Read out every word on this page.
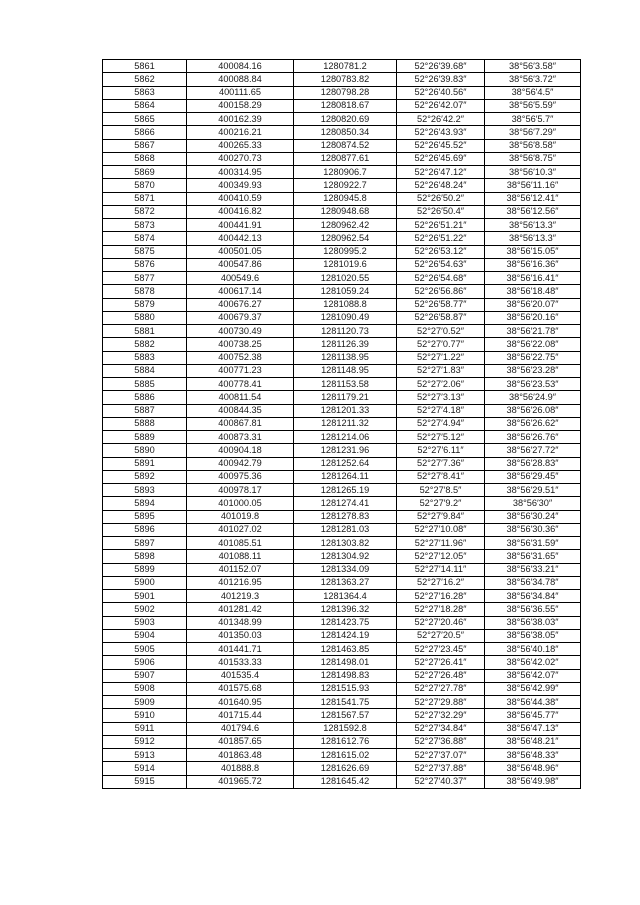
5861	400084.16	1280781.2	52°26′39.68″	38°56′3.58″
5862	400088.84	1280783.82	52°26′39.83″	38°56′3.72″
5863	400111.65	1280798.28	52°26′40.56″	38°56′4.5″
5864	400158.29	1280818.67	52°26′42.07″	38°56′5.59″
5865	400162.39	1280820.69	52°26′42.2″	38°56′5.7″
5866	400216.21	1280850.34	52°26′43.93″	38°56′7.29″
5867	400265.33	1280874.52	52°26′45.52″	38°56′8.58″
5868	400270.73	1280877.61	52°26′45.69″	38°56′8.75″
5869	400314.95	1280906.7	52°26′47.12″	38°56′10.3″
5870	400349.93	1280922.7	52°26′48.24″	38°56′11.16″
5871	400410.59	1280945.8	52°26′50.2″	38°56′12.41″
5872	400416.82	1280948.68	52°26′50.4″	38°56′12.56″
5873	400441.91	1280962.42	52°26′51.21″	38°56′13.3″
5874	400442.13	1280962.54	52°26′51.22″	38°56′13.3″
5875	400501.05	1280995.2	52°26′53.12″	38°56′15.05″
5876	400547.86	1281019.6	52°26′54.63″	38°56′16.36″
5877	400549.6	1281020.55	52°26′54.68″	38°56′16.41″
5878	400617.14	1281059.24	52°26′56.86″	38°56′18.48″
5879	400676.27	1281088.8	52°26′58.77″	38°56′20.07″
5880	400679.37	1281090.49	52°26′58.87″	38°56′20.16″
5881	400730.49	1281120.73	52°27′0.52″	38°56′21.78″
5882	400738.25	1281126.39	52°27′0.77″	38°56′22.08″
5883	400752.38	1281138.95	52°27′1.22″	38°56′22.75″
5884	400771.23	1281148.95	52°27′1.83″	38°56′23.28″
5885	400778.41	1281153.58	52°27′2.06″	38°56′23.53″
5886	400811.54	1281179.21	52°27′3.13″	38°56′24.9″
5887	400844.35	1281201.33	52°27′4.18″	38°56′26.08″
5888	400867.81	1281211.32	52°27′4.94″	38°56′26.62″
5889	400873.31	1281214.06	52°27′5.12″	38°56′26.76″
5890	400904.18	1281231.96	52°27′6.11″	38°56′27.72″
5891	400942.79	1281252.64	52°27′7.36″	38°56′28.83″
5892	400975.36	1281264.11	52°27′8.41″	38°56′29.45″
5893	400978.17	1281265.19	52°27′8.5″	38°56′29.51″
5894	401000.05	1281274.41	52°27′9.2″	38°56′30″
5895	401019.8	1281278.83	52°27′9.84″	38°56′30.24″
5896	401027.02	1281281.03	52°27′10.08″	38°56′30.36″
5897	401085.51	1281303.82	52°27′11.96″	38°56′31.59″
5898	401088.11	1281304.92	52°27′12.05″	38°56′31.65″
5899	401152.07	1281334.09	52°27′14.11″	38°56′33.21″
5900	401216.95	1281363.27	52°27′16.2″	38°56′34.78″
5901	401219.3	1281364.4	52°27′16.28″	38°56′34.84″
5902	401281.42	1281396.32	52°27′18.28″	38°56′36.55″
5903	401348.99	1281423.75	52°27′20.46″	38°56′38.03″
5904	401350.03	1281424.19	52°27′20.5″	38°56′38.05″
5905	401441.71	1281463.85	52°27′23.45″	38°56′40.18″
5906	401533.33	1281498.01	52°27′26.41″	38°56′42.02″
5907	401535.4	1281498.83	52°27′26.48″	38°56′42.07″
5908	401575.68	1281515.93	52°27′27.78″	38°56′42.99″
5909	401640.95	1281541.75	52°27′29.88″	38°56′44.38″
5910	401715.44	1281567.57	52°27′32.29″	38°56′45.77″
5911	401794.6	1281592.8	52°27′34.84″	38°56′47.13″
5912	401857.65	1281612.76	52°27′36.88″	38°56′48.21″
5913	401863.48	1281615.02	52°27′37.07″	38°56′48.33″
5914	401888.8	1281626.69	52°27′37.88″	38°56′48.96″
5915	401965.72	1281645.42	52°27′40.37″	38°56′49.98″
